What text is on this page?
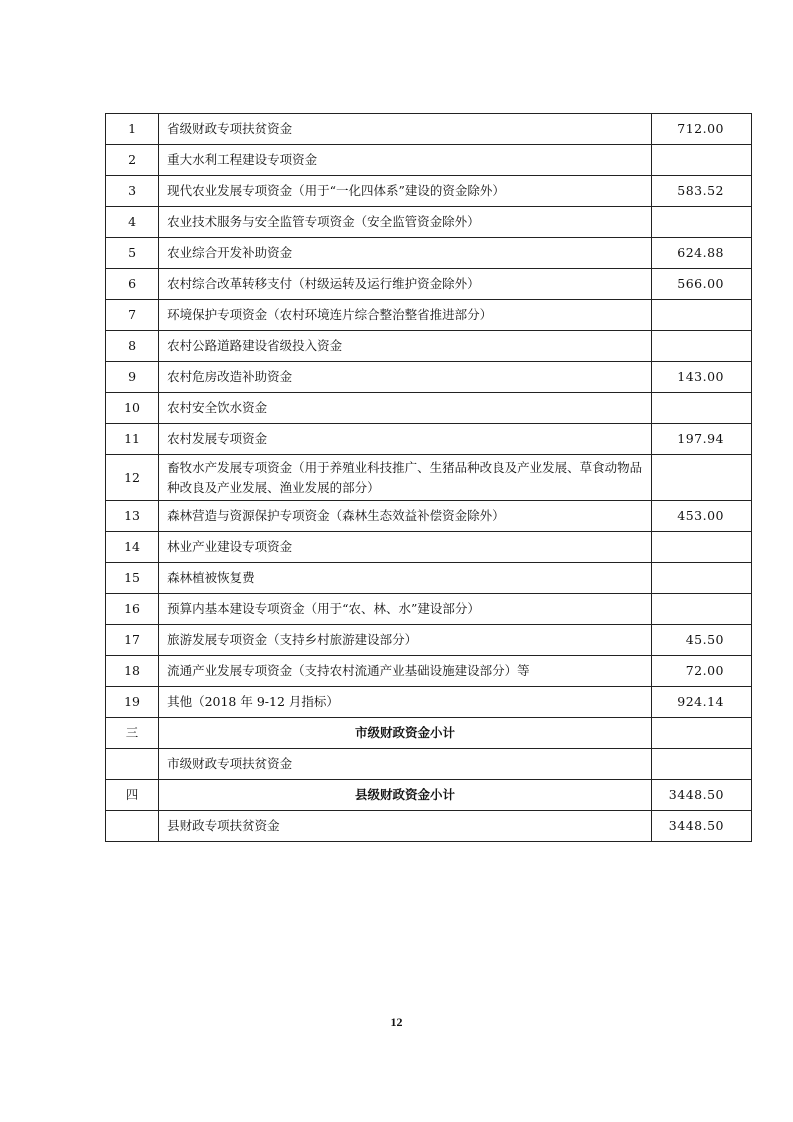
1	省级财政专项扶贫资金	712.00
2	重大水利工程建设专项资金	
3	现代农业发展专项资金（用于“一化四体系”建设的资金除外）	583.52
4	农业技术服务与安全监管专项资金（安全监管资金除外）	
5	农业综合开发补助资金	624.88
6	农村综合改革转移支付（村级运转及运行维护资金除外）	566.00
7	环境保护专项资金（农村环境连片综合整治整省推进部分）	
8	农村公路道路建设省级投入资金	
9	农村危房改造补助资金	143.00
10	农村安全饮水资金	
11	农村发展专项资金	197.94
12	畜牧水产发展专项资金（用于养殖业科技推广、生猪品种改良及产业发展、草食动物品种改良及产业发展、渔业发展的部分）	
13	森林营造与资源保护专项资金（森林生态效益补偿资金除外）	453.00
14	林业产业建设专项资金	
15	森林植被恢复费	
16	预算内基本建设专项资金（用于“农、林、水”建设部分）	
17	旅游发展专项资金（支持乡村旅游建设部分）	45.50
18	流通产业发展专项资金（支持农村流通产业基础设施建设部分）等	72.00
19	其他（2018 年 9-12 月指标）	924.14
三	市级财政资金小计	
	市级财政专项扶贫资金	
四	县级财政资金小计	3448.50
	县财政专项扶贫资金	3448.50
12
